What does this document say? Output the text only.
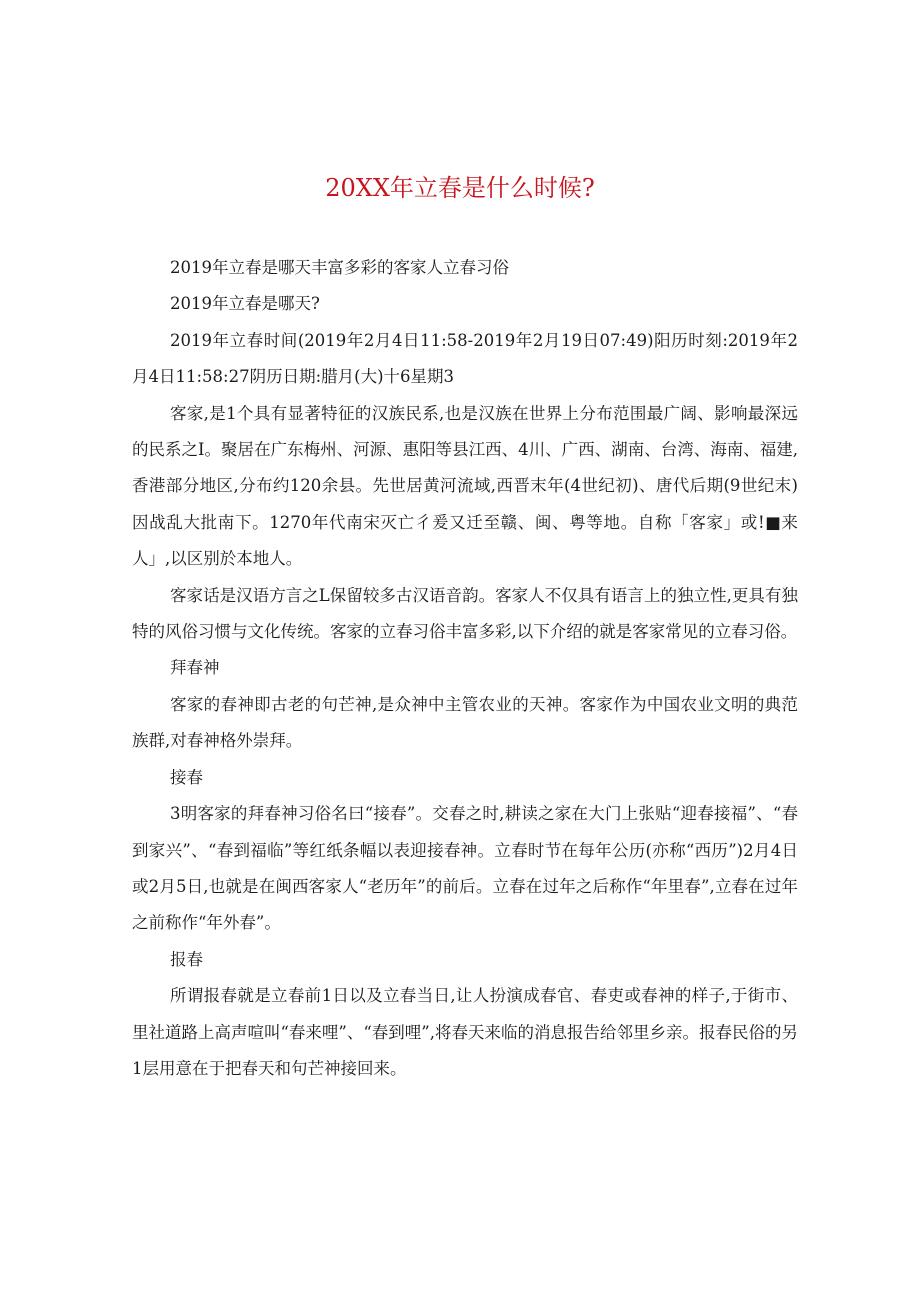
20XX年立春是什么时候?

2019年立春是哪天丰富多彩的客家人立春习俗

2019年立春是哪天?

2019年立春时间(2019年2月4日11:58-2019年2月19日07:49)阳历时刻:2019年2月4日11:58:27阴历日期:腊月(大)十6星期3

客家,是1个具有显著特征的汉族民系,也是汉族在世界上分布范围最广阔、影响最深远的民系之Ⅰ。聚居在广东梅州、河源、惠阳等县江西、4川、广西、湖南、台湾、海南、福建,香港部分地区,分布约120余县。先世居黄河流域,西晋末年(4世纪初)、唐代后期(9世纪末)因战乱大批南下。1270年代南宋灭亡彳爰又迁至赣、闽、粤等地。自称「客家」或!■来人」,以区别於本地人。

客家话是汉语方言之L保留较多古汉语音韵。客家人不仅具有语言上的独立性,更具有独特的风俗习惯与文化传统。客家的立春习俗丰富多彩,以下介绍的就是客家常见的立春习俗。

拜春神

客家的春神即古老的句芒神,是众神中主管农业的天神。客家作为中国农业文明的典范族群,对春神格外崇拜。

接春

3明客家的拜春神习俗名曰“接春”。交春之时,耕读之家在大门上张贴“迎春接福”、“春到家兴”、“春到福临”等红纸条幅以表迎接春神。立春时节在每年公历(亦称“西历”)2月4日或2月5日,也就是在闽西客家人“老历年”的前后。立春在过年之后称作“年里春”,立春在过年之前称作“年外春”。

报春

所谓报春就是立春前1日以及立春当日,让人扮演成春官、春吏或春神的样子,于街市、里社道路上高声喧叫“春来哩”、“春到哩”,将春天来临的消息报告给邻里乡亲。报春民俗的另1层用意在于把春天和句芒神接回来。
